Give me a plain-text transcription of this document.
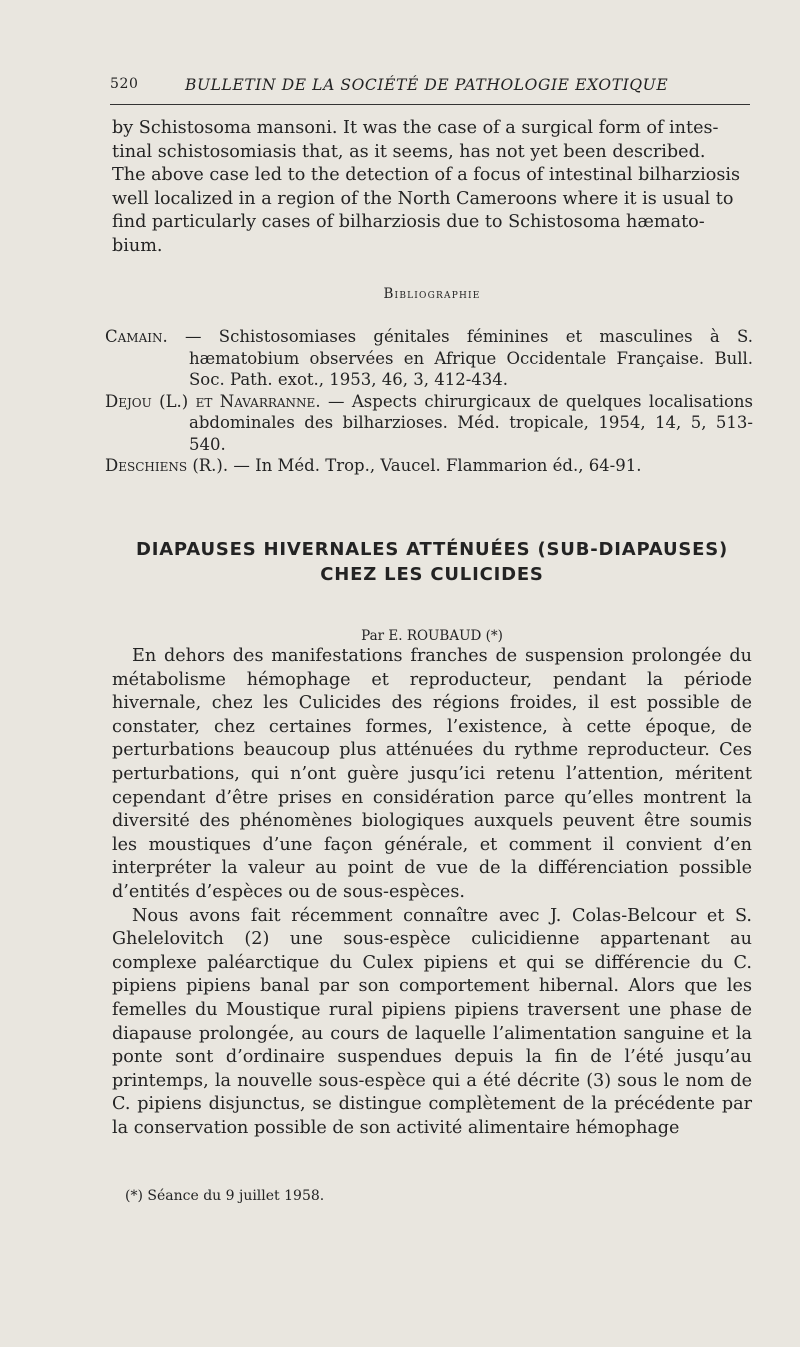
520	BULLETIN DE LA SOCIÉTÉ DE PATHOLOGIE EXOTIQUE

by Schistosoma mansoni. It was the case of a surgical form of intes-

tinal schistosomiasis that, as it seems, has not yet been described.

The above case led to the detection of a focus of intestinal bilharziosis

well localized in a region of the North Cameroons where it is usual to

find particularly cases of bilharziosis due to Schistosoma hæmato-

bium.

Bibliographie

Camain. — Schistosomiases génitales féminines et masculines à S. hæmatobium observées en Afrique Occidentale Française. Bull. Soc. Path. exot., 1953, 46, 3, 412-434.

Dejou (L.) et Navarranne. — Aspects chirurgicaux de quelques localisations abdominales des bilharzioses. Méd. tropicale, 1954, 14, 5, 513-540.

Deschiens (R.). — In Méd. Trop., Vaucel. Flammarion éd., 64-91.

DIAPAUSES HIVERNALES ATTÉNUÉES (SUB-DIAPAUSES)
CHEZ LES CULICIDES
Par E. ROUBAUD (*)

En dehors des manifestations franches de suspension prolongée du métabolisme hémophage et reproducteur, pendant la période hivernale, chez les Culicides des régions froides, il est possible de constater, chez certaines formes, l’existence, à cette époque, de perturbations beaucoup plus atténuées du rythme reproducteur. Ces perturbations, qui n’ont guère jusqu’ici retenu l’attention, méritent cependant d’être prises en considération parce qu’elles montrent la diversité des phénomènes biologiques auxquels peuvent être soumis les moustiques d’une façon générale, et comment il convient d’en interpréter la valeur au point de vue de la différenciation possible d’entités d’espèces ou de sous-espèces.

Nous avons fait récemment connaître avec J. Colas-Belcour et S. Ghelelovitch (2) une sous-espèce culicidienne appartenant au complexe paléarctique du Culex pipiens et qui se différencie du C. pipiens pipiens banal par son comportement hibernal. Alors que les femelles du Moustique rural pipiens pipiens traversent une phase de diapause prolongée, au cours de laquelle l’alimentation sanguine et la ponte sont d’ordinaire suspendues depuis la fin de l’été jusqu’au printemps, la nouvelle sous-espèce qui a été décrite (3) sous le nom de C. pipiens disjunctus, se distingue complètement de la précédente par la conservation possible de son activité alimentaire hémophage

(*) Séance du 9 juillet 1958.
